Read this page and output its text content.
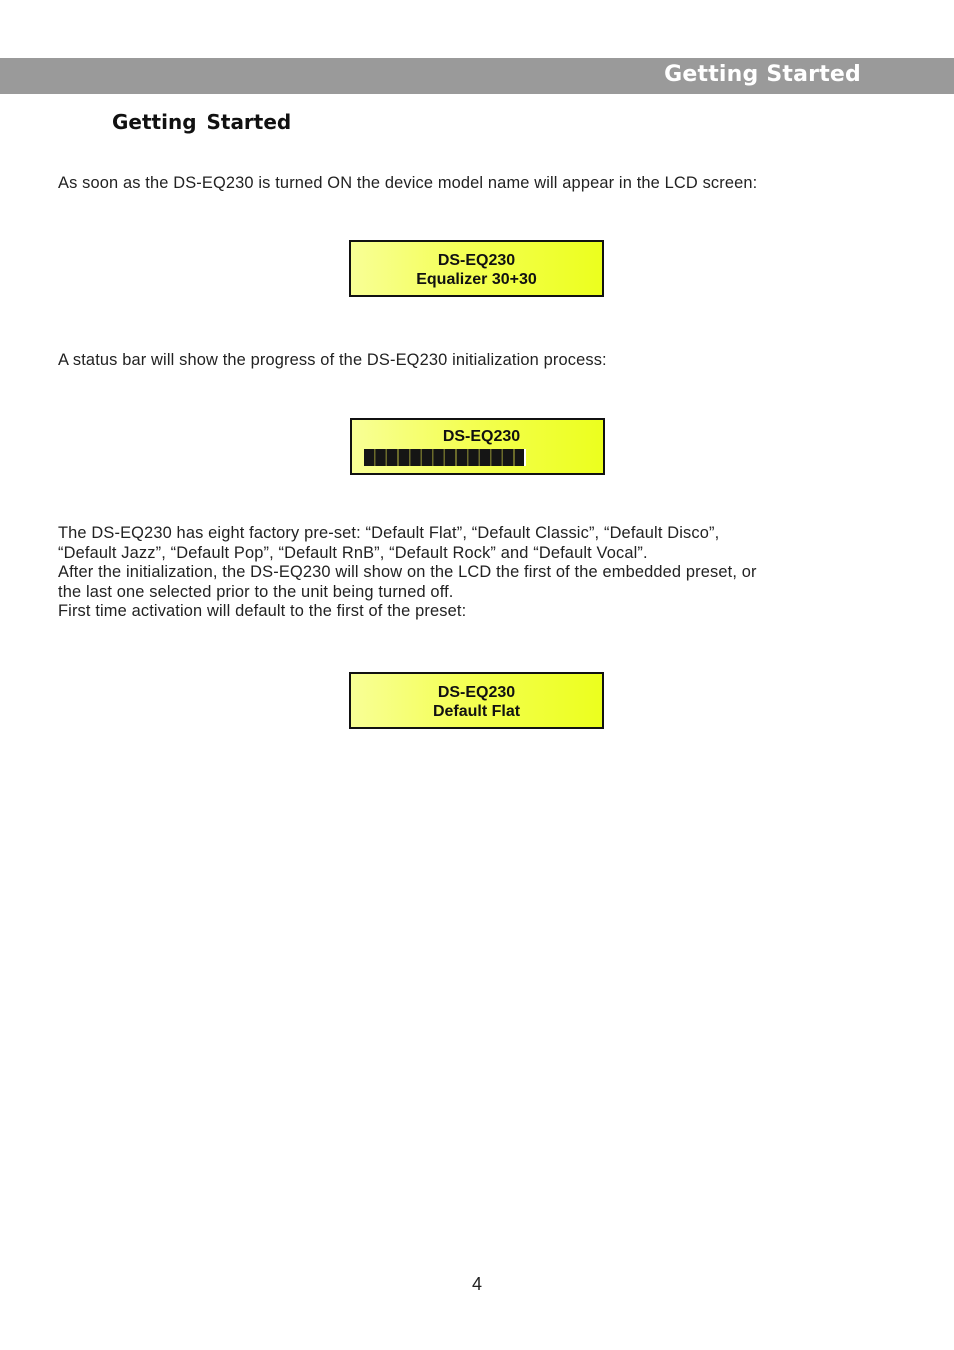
Getting Started
Getting Started
As soon as the DS-EQ230 is turned ON the device model name will appear in the LCD screen:
DS-EQ230
Equalizer 30+30
A status bar will show the progress of the DS-EQ230 initialization process:
DS-EQ230
The DS-EQ230 has eight factory pre-set: “Default Flat”, “Default Classic”, “Default Disco”,
“Default Jazz”, “Default Pop”, “Default RnB”, “Default Rock” and “Default Vocal”.
After the initialization, the DS-EQ230 will show on the LCD the first of the embedded preset, or
the last one selected prior to the unit being turned off.
First time activation will default to the first of the preset:
DS-EQ230
Default Flat
4
